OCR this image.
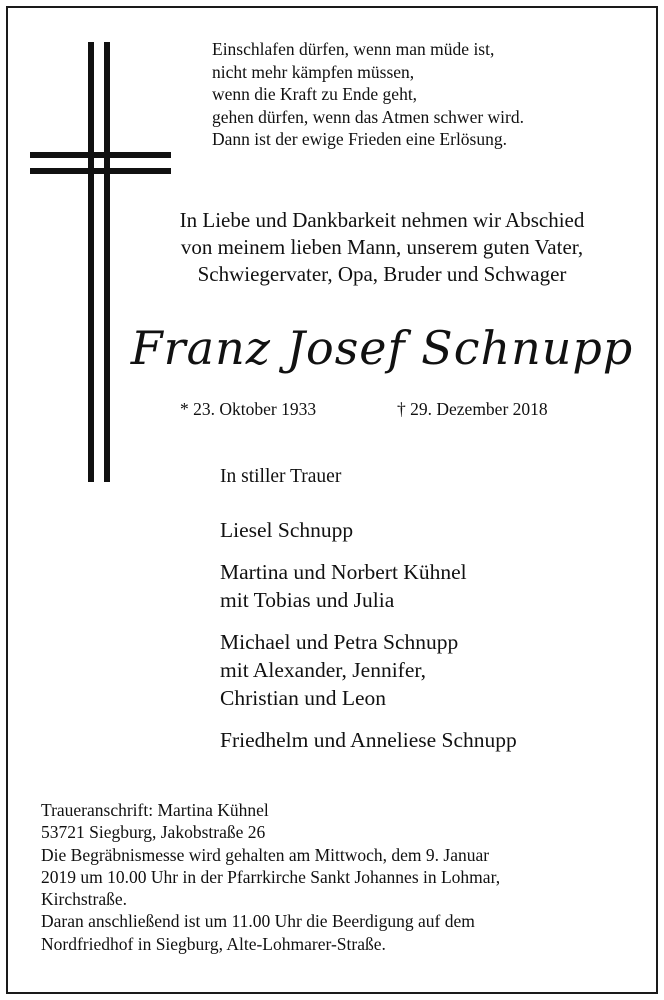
Einschlafen dürfen, wenn man müde ist,
nicht mehr kämpfen müssen,
wenn die Kraft zu Ende geht,
gehen dürfen, wenn das Atmen schwer wird.
Dann ist der ewige Frieden eine Erlösung.
In Liebe und Dankbarkeit nehmen wir Abschied
von meinem lieben Mann, unserem guten Vater,
Schwiegervater, Opa, Bruder und Schwager
Franz Josef Schnupp
* 23. Oktober 1933	† 29. Dezember 2018
In stiller Trauer
Liesel Schnupp
Martina und Norbert Kühnel
mit Tobias und Julia
Michael und Petra Schnupp
mit Alexander, Jennifer,
Christian und Leon
Friedhelm und Anneliese Schnupp
Traueranschrift: Martina Kühnel
53721 Siegburg, Jakobstraße 26
Die Begräbnismesse wird gehalten am Mittwoch, dem 9. Januar
2019 um 10.00 Uhr in der Pfarrkirche Sankt Johannes in Lohmar,
Kirchstraße.
Daran anschließend ist um 11.00 Uhr die Beerdigung auf dem
Nordfriedhof in Siegburg, Alte-Lohmarer-Straße.
